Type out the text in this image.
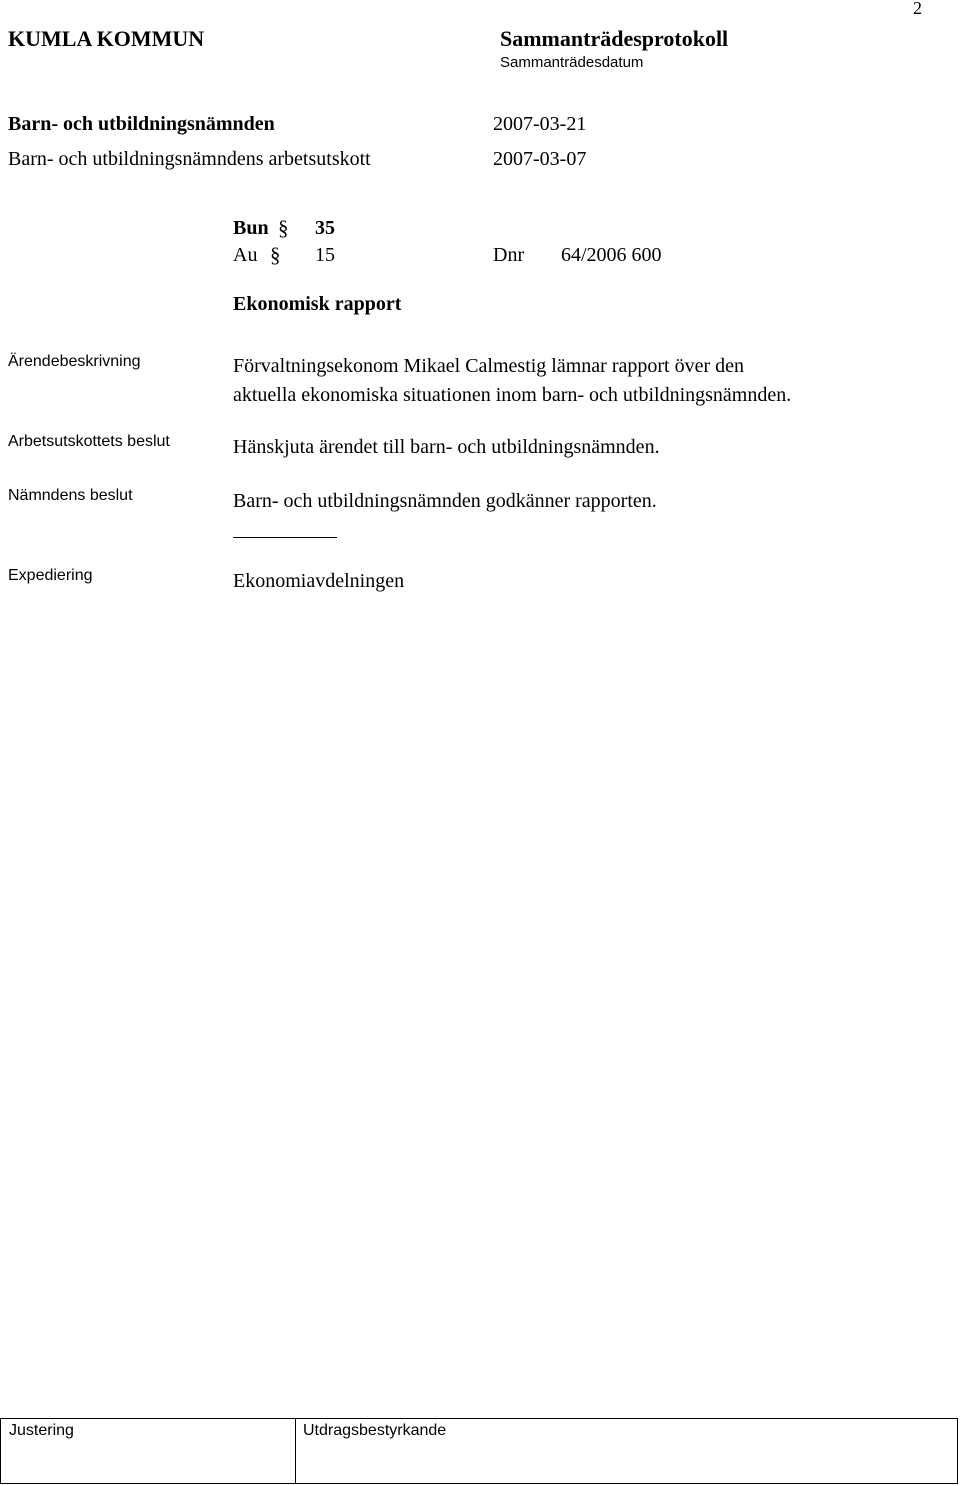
2
KUMLA KOMMUN	Sammanträdesprotokoll
Sammanträdesdatum
Barn- och utbildningsnämnden	2007-03-21
Barn- och utbildningsnämndens arbetsutskott	2007-03-07
Bun § 35
Au § 15	Dnr 64/2006 600
Ekonomisk rapport
Ärendebeskrivning	Förvaltningsekonom Mikael Calmestig lämnar rapport över den
aktuella ekonomiska situationen inom barn- och utbildningsnämnden.
Arbetsutskottets beslut	Hänskjuta ärendet till barn- och utbildningsnämnden.
Nämndens beslut	Barn- och utbildningsnämnden godkänner rapporten.
Expediering	Ekonomiavdelningen
Justering	Utdragsbestyrkande
